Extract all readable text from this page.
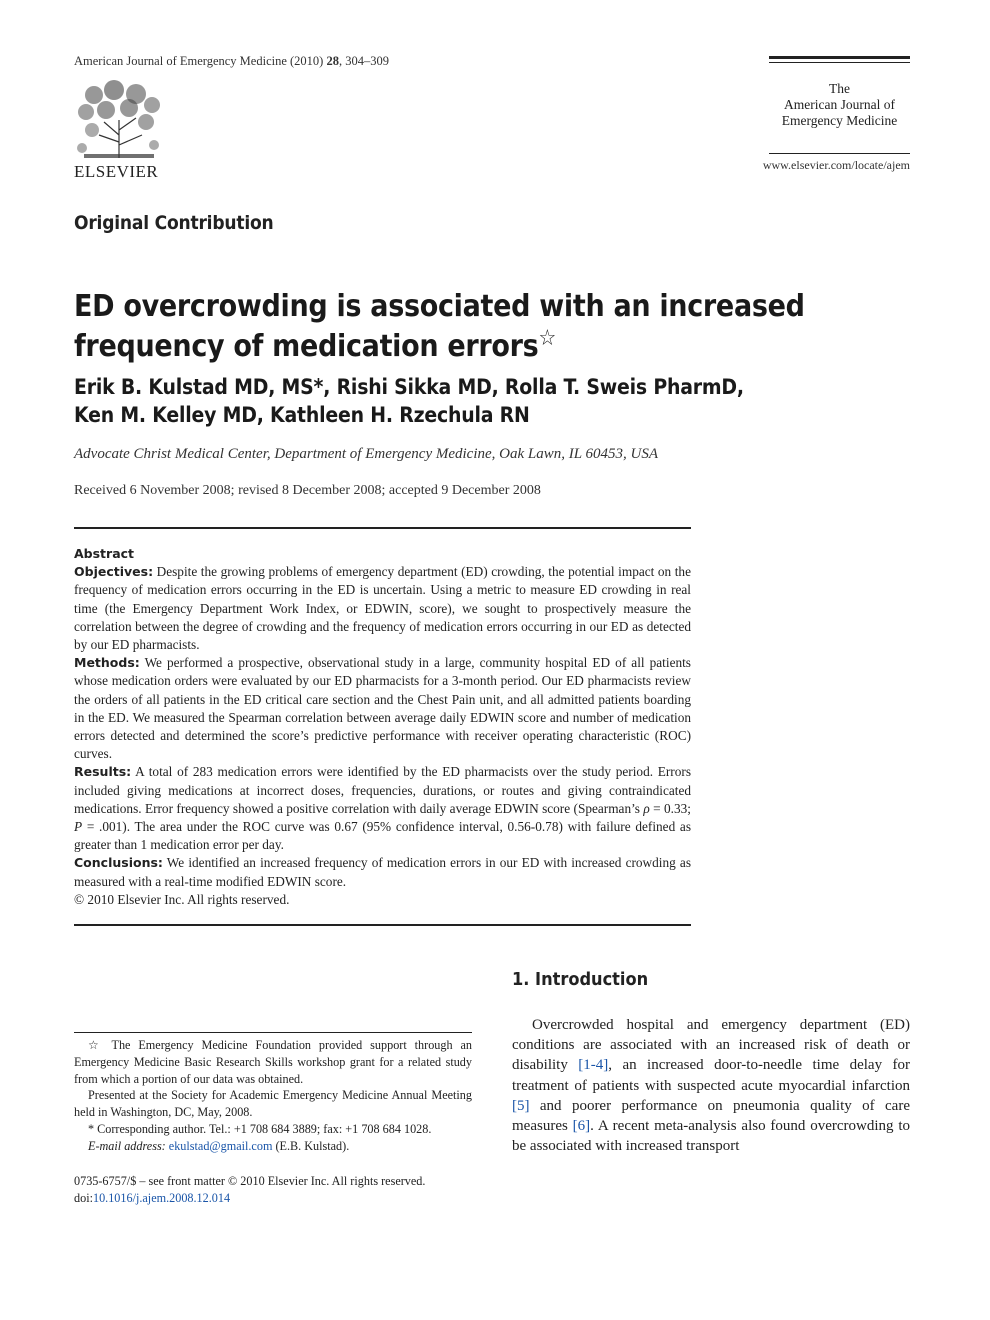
American Journal of Emergency Medicine (2010) 28, 304–309
ELSEVIER
The
American Journal of
Emergency Medicine
www.elsevier.com/locate/ajem
Original Contribution
ED overcrowding is associated with an increased frequency of medication errors☆
Erik B. Kulstad MD, MS*, Rishi Sikka MD, Rolla T. Sweis PharmD,
Ken M. Kelley MD, Kathleen H. Rzechula RN
Advocate Christ Medical Center, Department of Emergency Medicine, Oak Lawn, IL 60453, USA
Received 6 November 2008; revised 8 December 2008; accepted 9 December 2008

Abstract

Objectives: Despite the growing problems of emergency department (ED) crowding, the potential impact on the frequency of medication errors occurring in the ED is uncertain. Using a metric to measure ED crowding in real time (the Emergency Department Work Index, or EDWIN, score), we sought to prospectively measure the correlation between the degree of crowding and the frequency of medication errors occurring in our ED as detected by our ED pharmacists.

Methods: We performed a prospective, observational study in a large, community hospital ED of all patients whose medication orders were evaluated by our ED pharmacists for a 3-month period. Our ED pharmacists review the orders of all patients in the ED critical care section and the Chest Pain unit, and all admitted patients boarding in the ED. We measured the Spearman correlation between average daily EDWIN score and number of medication errors detected and determined the score’s predictive performance with receiver operating characteristic (ROC) curves.

Results: A total of 283 medication errors were identified by the ED pharmacists over the study period. Errors included giving medications at incorrect doses, frequencies, durations, or routes and giving contraindicated medications. Error frequency showed a positive correlation with daily average EDWIN score (Spearman’s ρ = 0.33; P = .001). The area under the ROC curve was 0.67 (95% confidence interval, 0.56-0.78) with failure defined as greater than 1 medication error per day.

Conclusions: We identified an increased frequency of medication errors in our ED with increased crowding as measured with a real-time modified EDWIN score.

© 2010 Elsevier Inc. All rights reserved.

1. Introduction
Overcrowded hospital and emergency department (ED) conditions are associated with an increased risk of death or disability [1-4], an increased door-to-needle time delay for treatment of patients with suspected acute myocardial infarction [5] and poorer performance on pneumonia quality of care measures [6]. A recent meta-analysis also found overcrowding to be associated with increased transport

☆ The Emergency Medicine Foundation provided support through an Emergency Medicine Basic Research Skills workshop grant for a related study from which a portion of our data was obtained.

Presented at the Society for Academic Emergency Medicine Annual Meeting held in Washington, DC, May, 2008.

* Corresponding author. Tel.: +1 708 684 3889; fax: +1 708 684 1028.

E-mail address: ekulstad@gmail.com (E.B. Kulstad).

0735-6757/$ – see front matter © 2010 Elsevier Inc. All rights reserved.
doi:10.1016/j.ajem.2008.12.014
